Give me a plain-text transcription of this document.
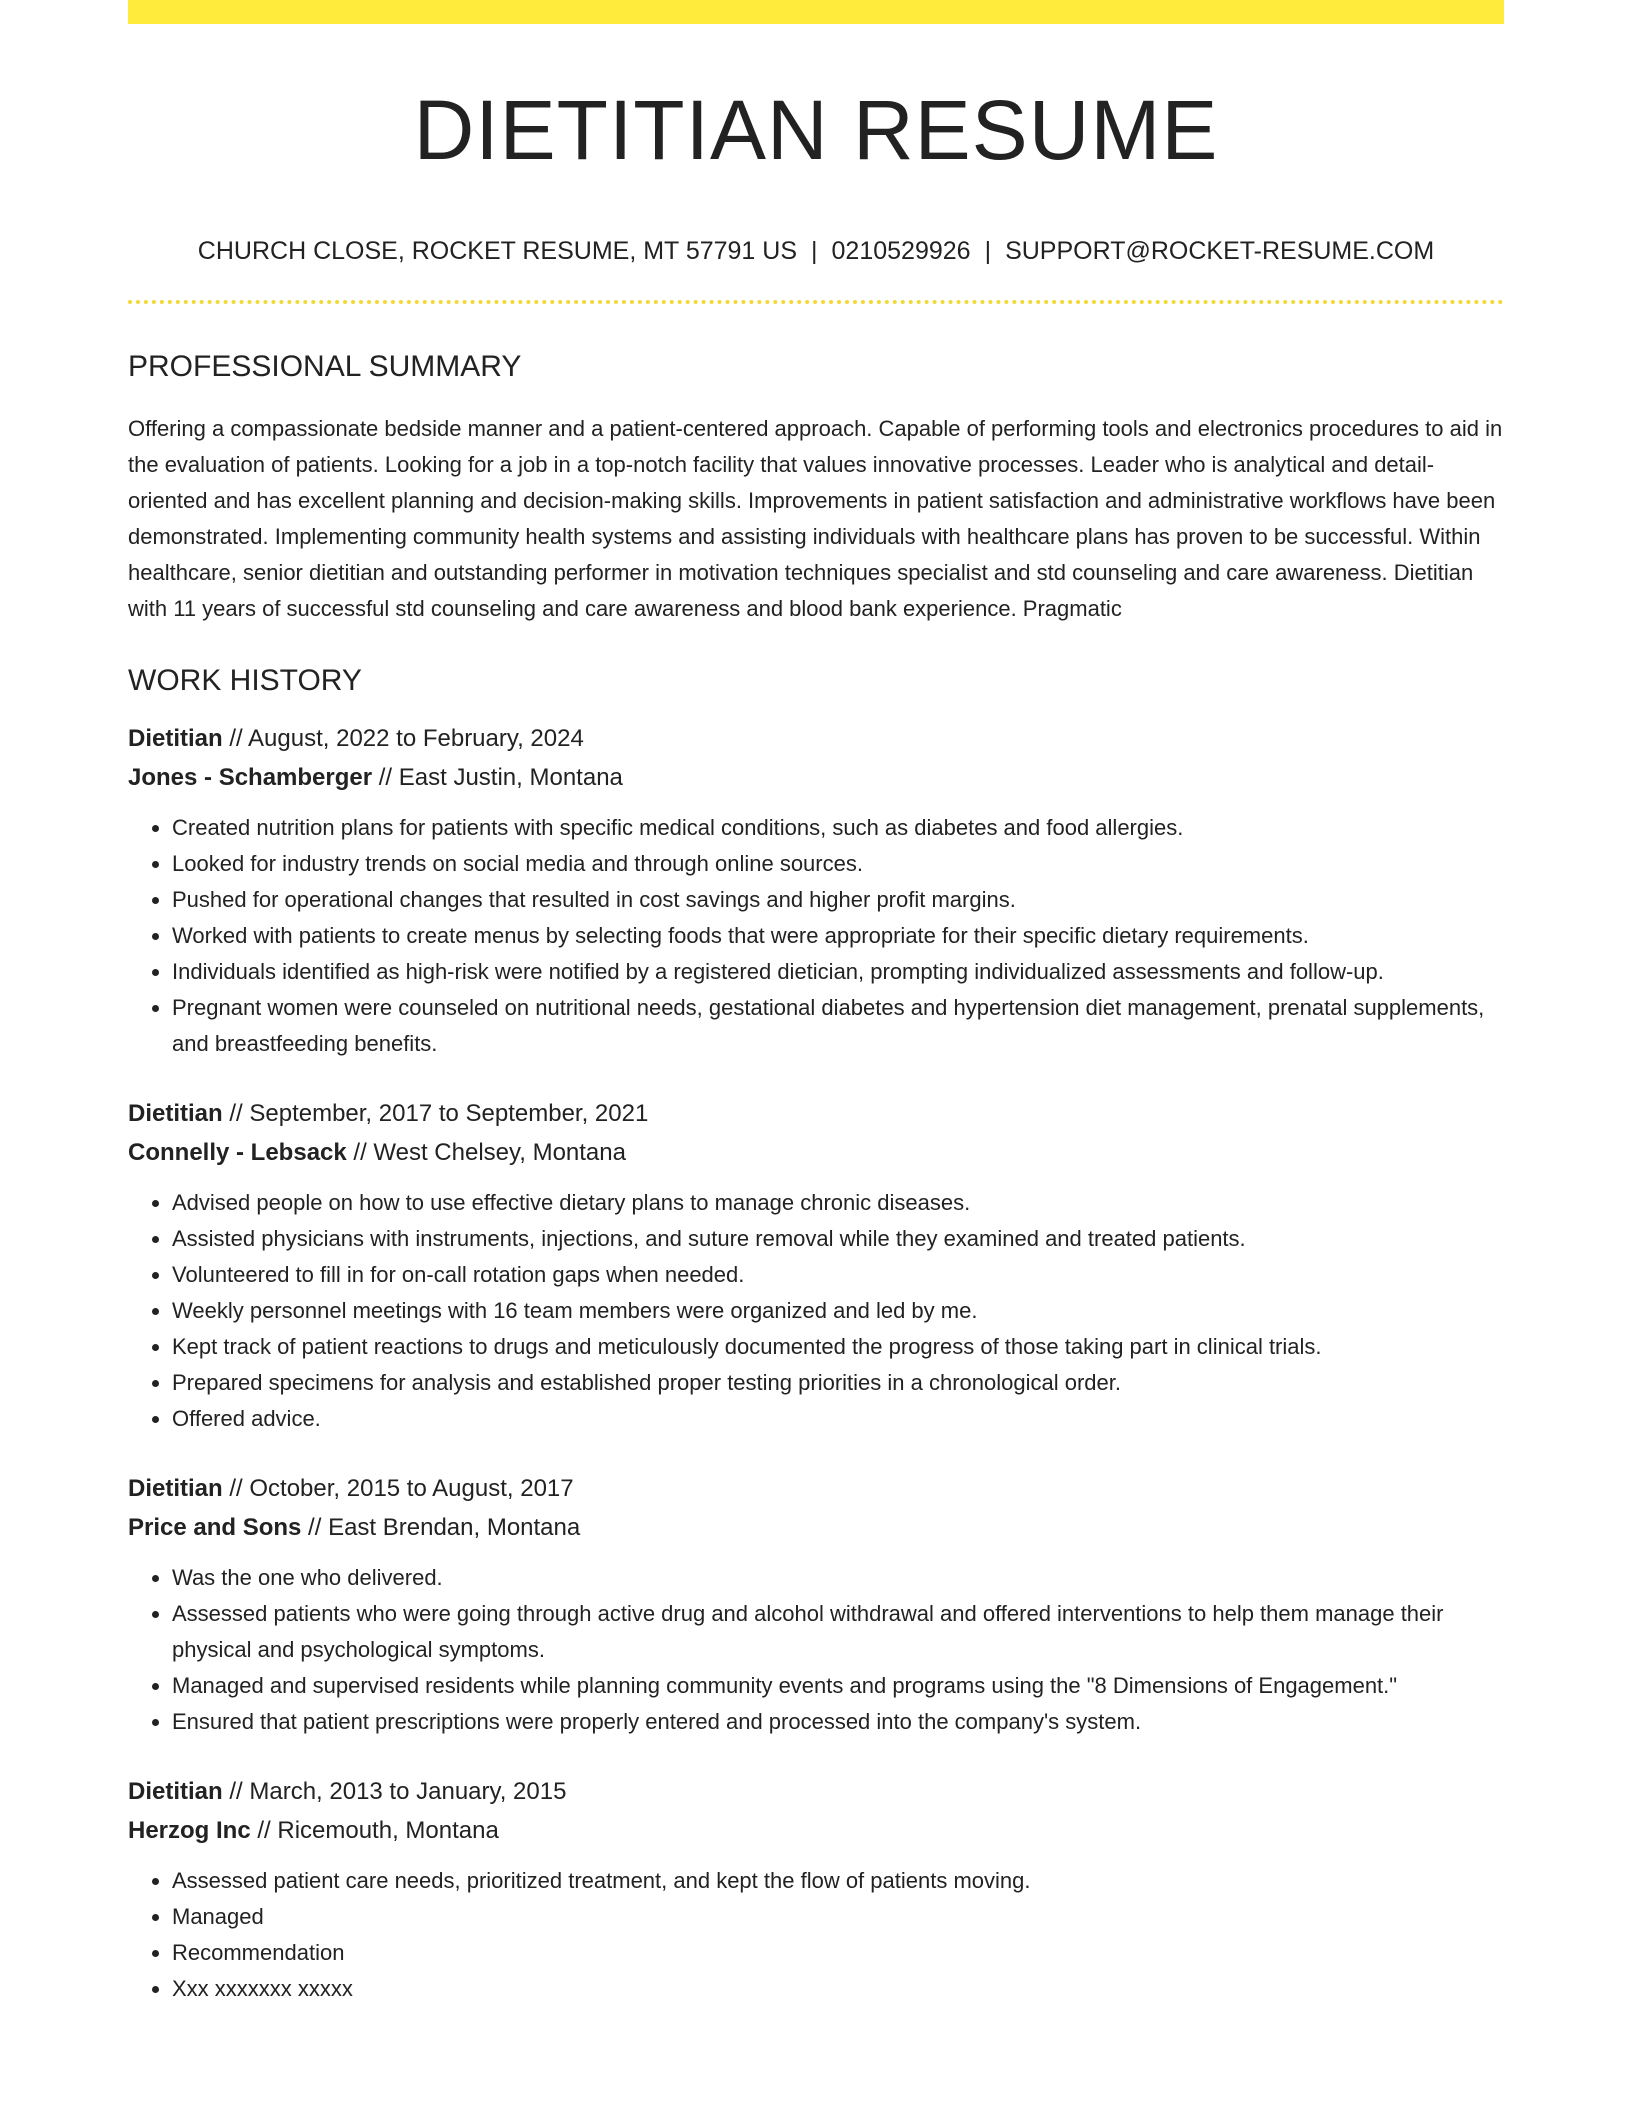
DIETITIAN RESUME
CHURCH CLOSE, ROCKET RESUME, MT 57791 US | 0210529926 | SUPPORT@ROCKET-RESUME.COM
PROFESSIONAL SUMMARY

Offering a compassionate bedside manner and a patient-centered approach. Capable of performing tools and electronics procedures to aid in the evaluation of patients. Looking for a job in a top-notch facility that values innovative processes. Leader who is analytical and detail-oriented and has excellent planning and decision-making skills. Improvements in patient satisfaction and administrative workflows have been demonstrated. Implementing community health systems and assisting individuals with healthcare plans has proven to be successful. Within healthcare, senior dietitian and outstanding performer in motivation techniques specialist and std counseling and care awareness. Dietitian with 11 years of successful std counseling and care awareness and blood bank experience. Pragmatic

WORK HISTORY
Dietitian // August, 2022 to February, 2024
Jones - Schamberger // East Justin, Montana
• Created nutrition plans for patients with specific medical conditions, such as diabetes and food allergies.
• Looked for industry trends on social media and through online sources.
• Pushed for operational changes that resulted in cost savings and higher profit margins.
• Worked with patients to create menus by selecting foods that were appropriate for their specific dietary requirements.
• Individuals identified as high-risk were notified by a registered dietician, prompting individualized assessments and follow-up.
• Pregnant women were counseled on nutritional needs, gestational diabetes and hypertension diet management, prenatal supplements, and breastfeeding benefits.
Dietitian // September, 2017 to September, 2021
Connelly - Lebsack // West Chelsey, Montana
• Advised people on how to use effective dietary plans to manage chronic diseases.
• Assisted physicians with instruments, injections, and suture removal while they examined and treated patients.
• Volunteered to fill in for on-call rotation gaps when needed.
• Weekly personnel meetings with 16 team members were organized and led by me.
• Kept track of patient reactions to drugs and meticulously documented the progress of those taking part in clinical trials.
• Prepared specimens for analysis and established proper testing priorities in a chronological order.
• Offered advice.
Dietitian // October, 2015 to August, 2017
Price and Sons // East Brendan, Montana
• Was the one who delivered.
• Assessed patients who were going through active drug and alcohol withdrawal and offered interventions to help them manage their physical and psychological symptoms.
• Managed and supervised residents while planning community events and programs using the "8 Dimensions of Engagement."
• Ensured that patient prescriptions were properly entered and processed into the company's system.
Dietitian // March, 2013 to January, 2015
Herzog Inc // Ricemouth, Montana
• Assessed patient care needs, prioritized treatment, and kept the flow of patients moving.
• Managed
• Recommendation
• Xxx xxxxxxx xxxxx
